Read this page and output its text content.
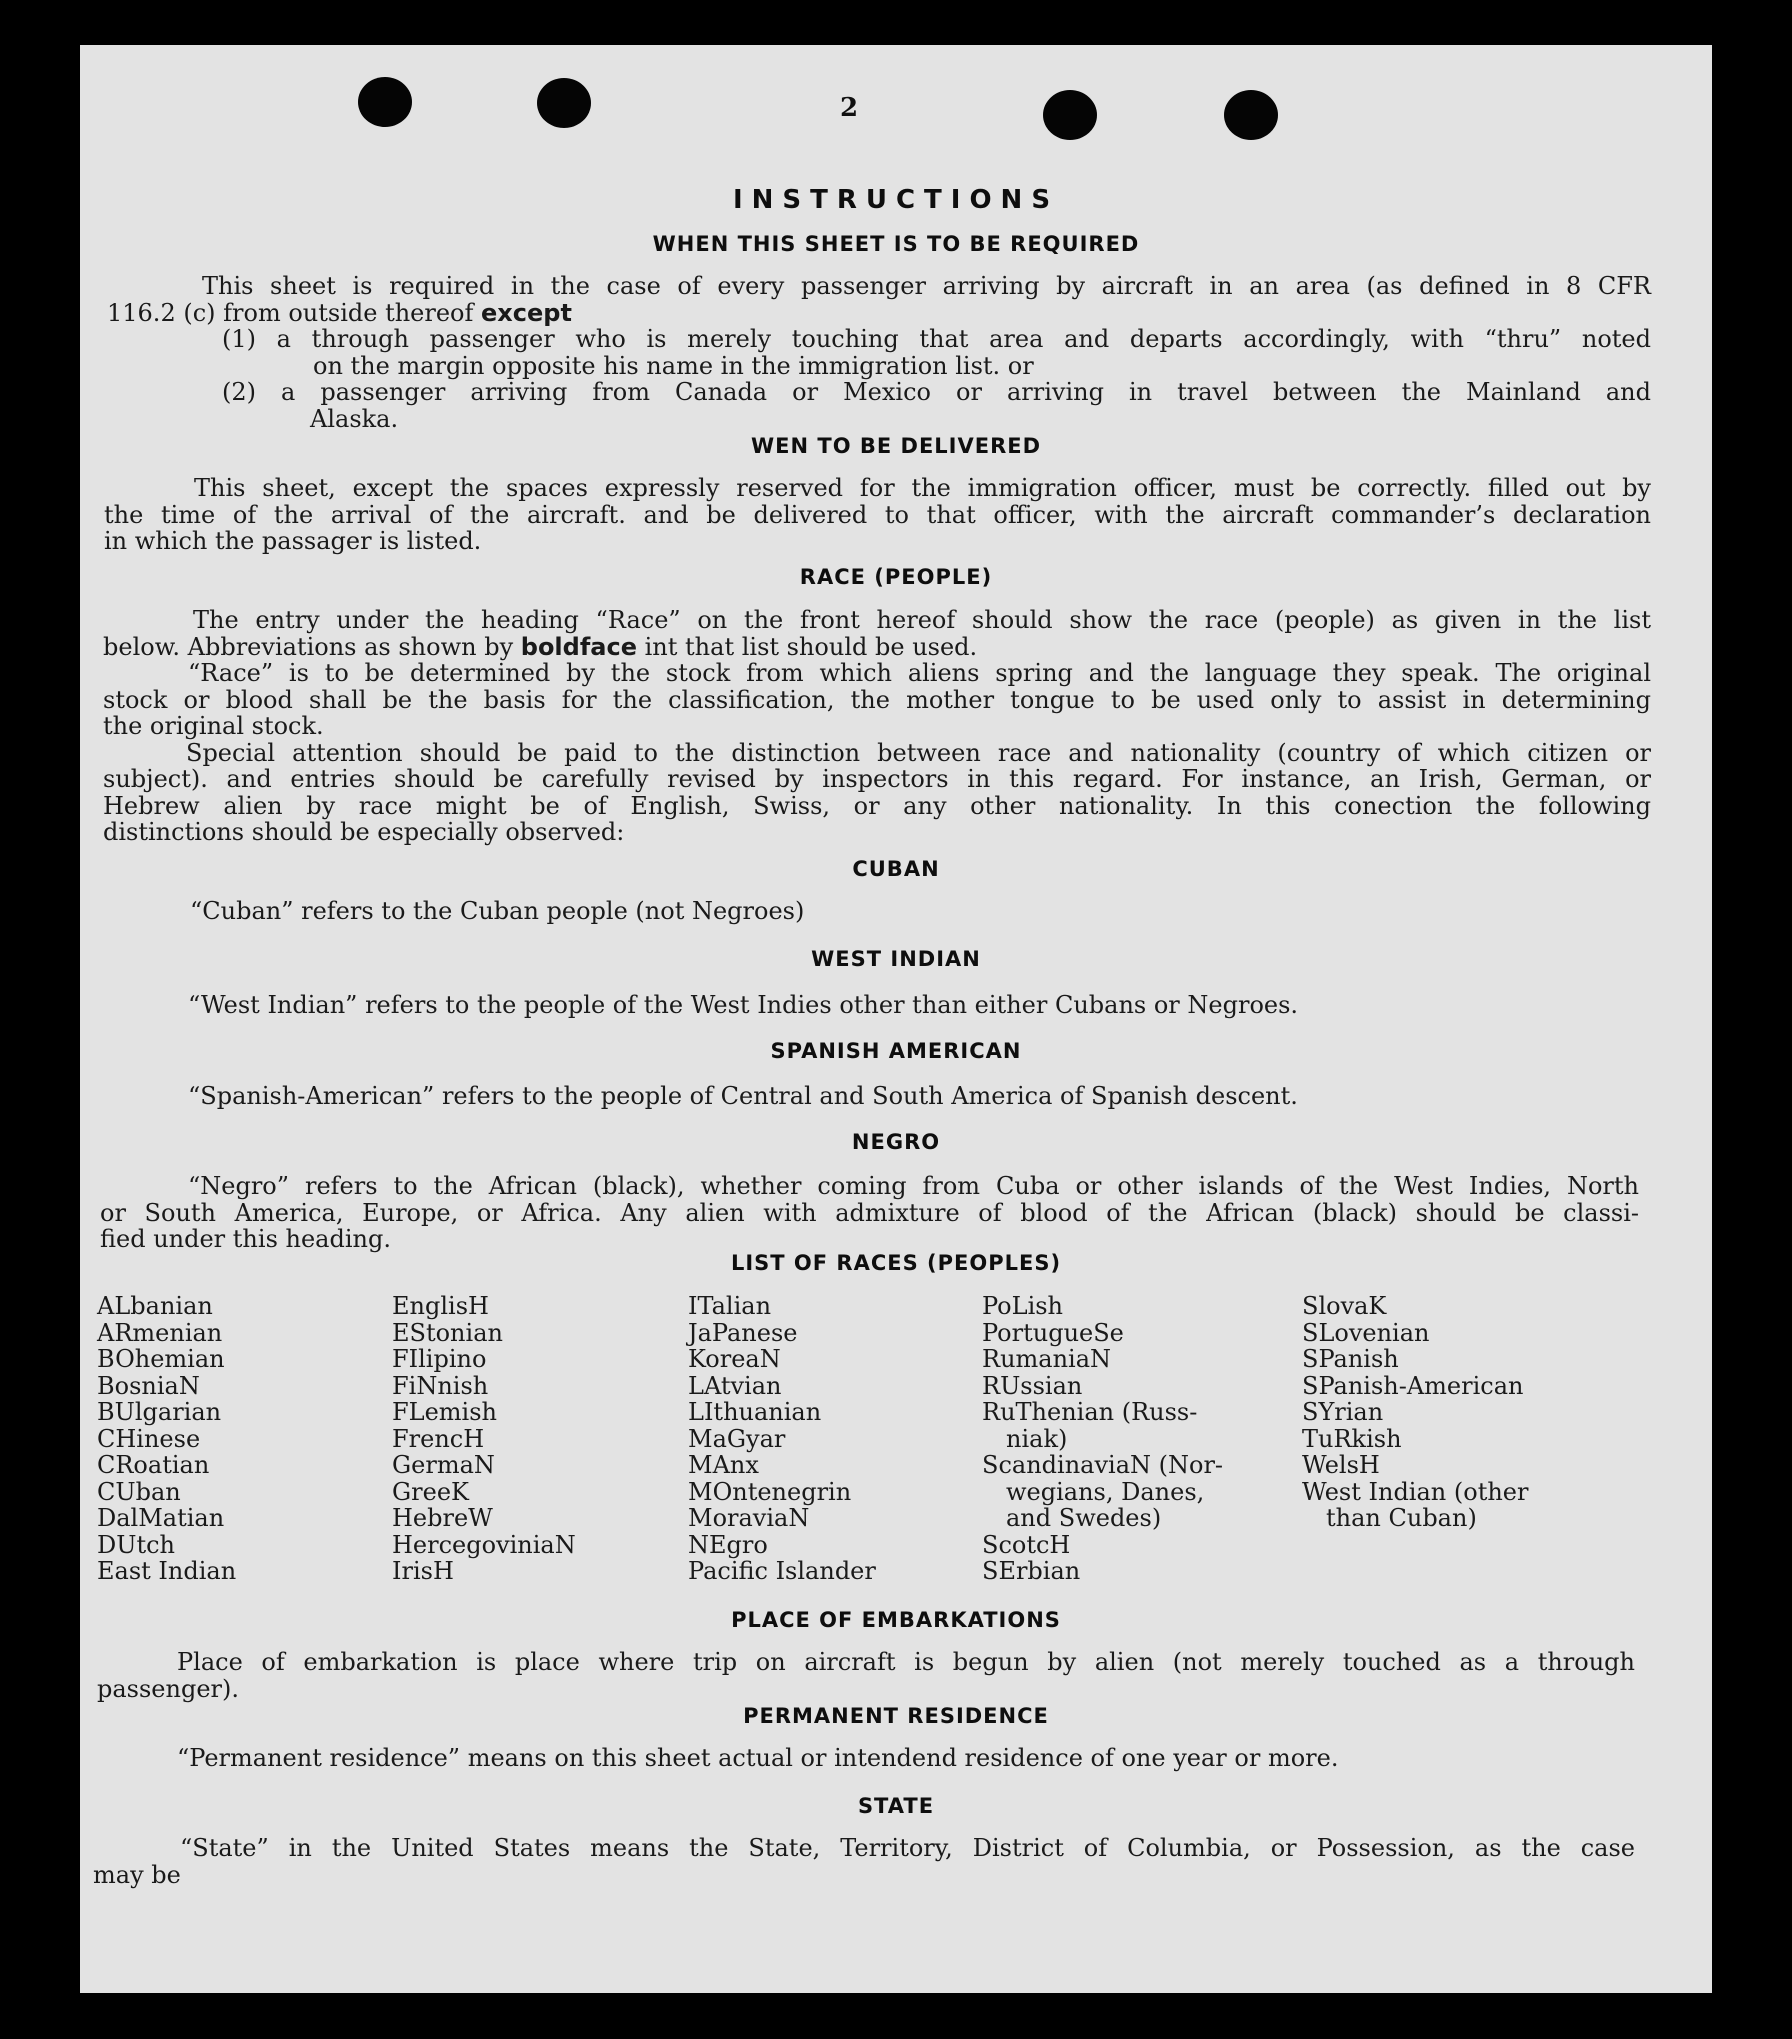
2
INSTRUCTIONS
WHEN THIS SHEET IS TO BE REQUIRED
This sheet is required in the case of every passenger arriving by aircraft in an area (as defined in 8 CFR
116.2 (c) from outside thereof except
(1) a through passenger who is merely touching that area and departs accordingly, with “thru” noted
on the margin opposite his name in the immigration list. or
(2) a passenger arriving from Canada or Mexico or arriving in travel between the Mainland and
Alaska.
WEN TO BE DELIVERED
This sheet, except the spaces expressly reserved for the immigration officer, must be correctly. filled out by
the time of the arrival of the aircraft. and be delivered to that officer, with the aircraft commander’s declaration
in which the passager is listed.
RACE (PEOPLE)
The entry under the heading “Race” on the front hereof should show the race (people) as given in the list
below. Abbreviations as shown by boldface int that list should be used.
“Race” is to be determined by the stock from which aliens spring and the language they speak. The original
stock or blood shall be the basis for the classification, the mother tongue to be used only to assist in determining
the original stock.
Special attention should be paid to the distinction between race and nationality (country of which citizen or
subject). and entries should be carefully revised by inspectors in this regard. For instance, an Irish, German, or
Hebrew alien by race might be of English, Swiss, or any other nationality. In this conection the following
distinctions should be especially observed:
CUBAN
“Cuban” refers to the Cuban people (not Negroes)
WEST INDIAN
“West Indian” refers to the people of the West Indies other than either Cubans or Negroes.
SPANISH AMERICAN
“Spanish-American” refers to the people of Central and South America of Spanish descent.
NEGRO
“Negro” refers to the African (black), whether coming from Cuba or other islands of the West Indies, North
or South America, Europe, or Africa. Any alien with admixture of blood of the African (black) should be classi-
fied under this heading.
LIST OF RACES (PEOPLES)
ALbanian
ARmenian
BOhemian
BosniaN
BUlgarian
CHinese
CRoatian
CUban
DalMatian
DUtch
East Indian
EnglisH
EStonian
FIlipino
FiNnish
FLemish
FrencH
GermaN
GreeK
HebreW
HercegoviniaN
IrisH
ITalian
JaPanese
KoreaN
LAtvian
LIthuanian
MaGyar
MAnx
MOntenegrin
MoraviaN
NEgro
Pacific Islander
PoLish
PortugueSe
RumaniaN
RUssian
RuThenian (Russ-
niak)
ScandinaviaN (Nor-
wegians, Danes,
and Swedes)
ScotcH
SErbian
SlovaK
SLovenian
SPanish
SPanish-American
SYrian
TuRkish
WelsH
West Indian (other
than Cuban)
PLACE OF EMBARKATIONS
Place of embarkation is place where trip on aircraft is begun by alien (not merely touched as a through
passenger).
PERMANENT RESIDENCE
“Permanent residence” means on this sheet actual or intendend residence of one year or more.
STATE
“State” in the United States means the State, Territory, District of Columbia, or Possession, as the case
may be
